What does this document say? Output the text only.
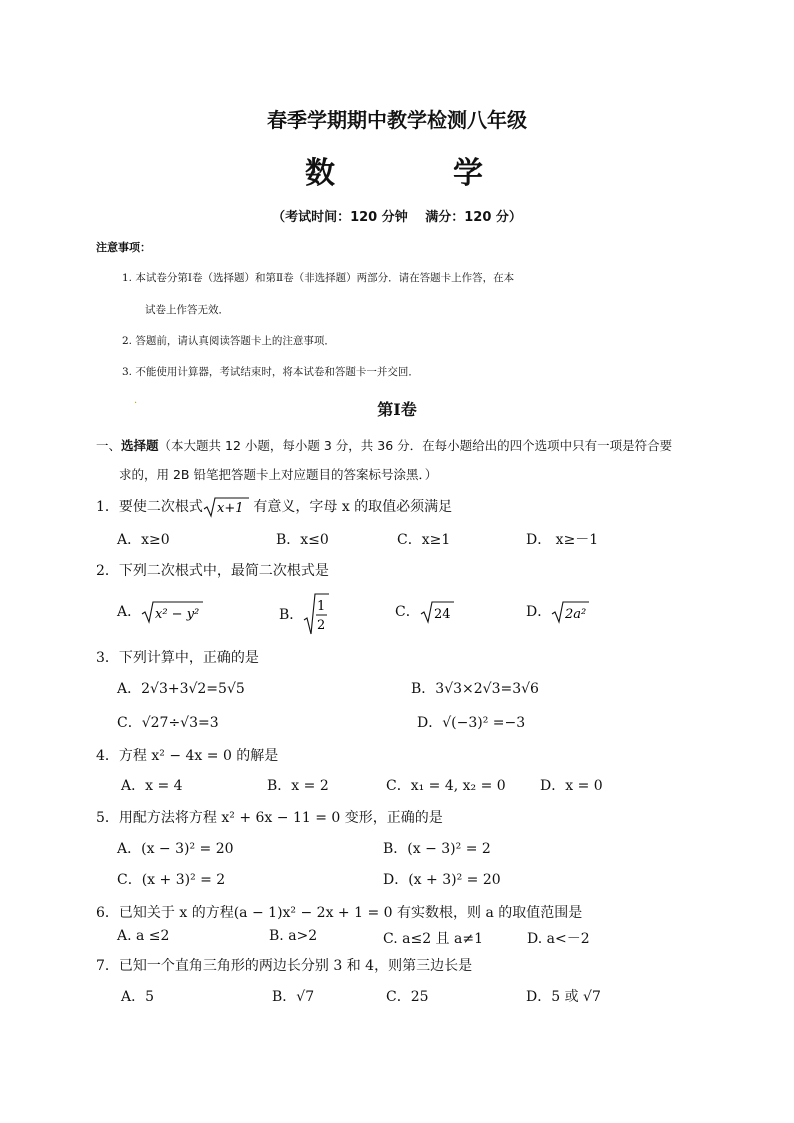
春季学期期中教学检测八年级
数　学
（考试时间：120 分钟　 满分：120 分）
注意事项：
1. 本试卷分第Ⅰ卷（选择题）和第Ⅱ卷（非选择题）两部分．请在答题卡上作答，在本
试卷上作答无效．
2. 答题前，请认真阅读答题卡上的注意事项．
3. 不能使用计算器，考试结束时，将本试卷和答题卡一并交回．
·	第Ⅰ卷
一、选择题（本大题共 12 小题，每小题 3 分，共 36 分．在每小题给出的四个选项中只有一项是符合要
求的，用 2B 铅笔把答题卡上对应题目的答案标号涂黑．）
1．要使二次根式 x+1 有意义，字母 x 的取值必须满足
A．x≥0	B．x≤0	C．x≥1	D． x≥－1
2．下列二次根式中，最简二次根式是
A． x² − y²	B．
1
2
C． 24	D． 2a²
3．下列计算中，正确的是
A．2√3+3√2=5√5	B．3√3×2√3=3√6
C．√27÷√3=3	D．√(−3)² =−3
4．方程 x² − 4x = 0 的解是
A．x = 4	B．x = 2	C．x₁ = 4, x₂ = 0 D．x = 0
5．用配方法将方程 x² + 6x − 11 = 0 变形，正确的是
A．(x − 3)² = 20	B．(x − 3)² = 2
C．(x + 3)² = 2	D．(x + 3)² = 20
6．已知关于 x 的方程(a − 1)x² − 2x + 1 = 0 有实数根，则 a 的取值范围是
A. a ≤2	B. a>2	C. a≤2 且 a≠1	D. a<－2
7．已知一个直角三角形的两边长分别 3 和 4，则第三边长是
A．5	B．√7	C．25	D．5 或 √7
